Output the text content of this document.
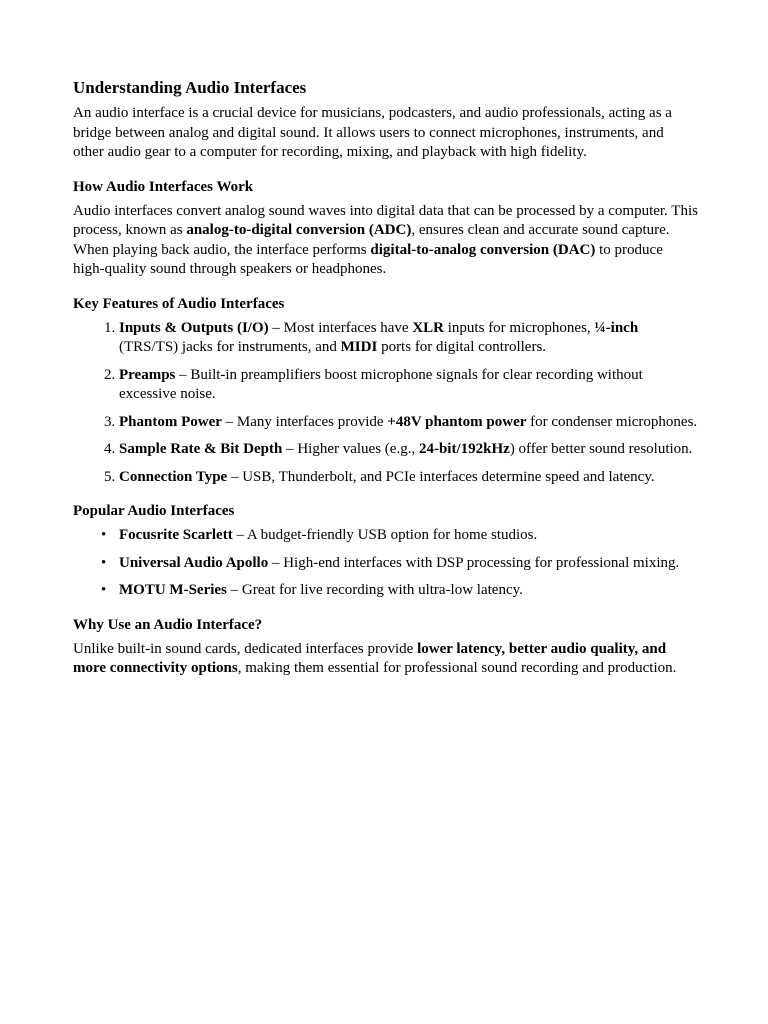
Understanding Audio Interfaces

An audio interface is a crucial device for musicians, podcasters, and audio professionals, acting as a bridge between analog and digital sound. It allows users to connect microphones, instruments, and other audio gear to a computer for recording, mixing, and playback with high fidelity.

How Audio Interfaces Work

Audio interfaces convert analog sound waves into digital data that can be processed by a computer. This process, known as analog-to-digital conversion (ADC), ensures clean and accurate sound capture. When playing back audio, the interface performs digital-to-analog conversion (DAC) to produce high-quality sound through speakers or headphones.

Key Features of Audio Interfaces
1. Inputs & Outputs (I/O) – Most interfaces have XLR inputs for microphones, ¼-inch (TRS/TS) jacks for instruments, and MIDI ports for digital controllers.
2. Preamps – Built-in preamplifiers boost microphone signals for clear recording without excessive noise.
3. Phantom Power – Many interfaces provide +48V phantom power for condenser microphones.
4. Sample Rate & Bit Depth – Higher values (e.g., 24-bit/192kHz) offer better sound resolution.
5. Connection Type – USB, Thunderbolt, and PCIe interfaces determine speed and latency.
Popular Audio Interfaces
• Focusrite Scarlett – A budget-friendly USB option for home studios.
• Universal Audio Apollo – High-end interfaces with DSP processing for professional mixing.
• MOTU M-Series – Great for live recording with ultra-low latency.
Why Use an Audio Interface?

Unlike built-in sound cards, dedicated interfaces provide lower latency, better audio quality, and more connectivity options, making them essential for professional sound recording and production.
